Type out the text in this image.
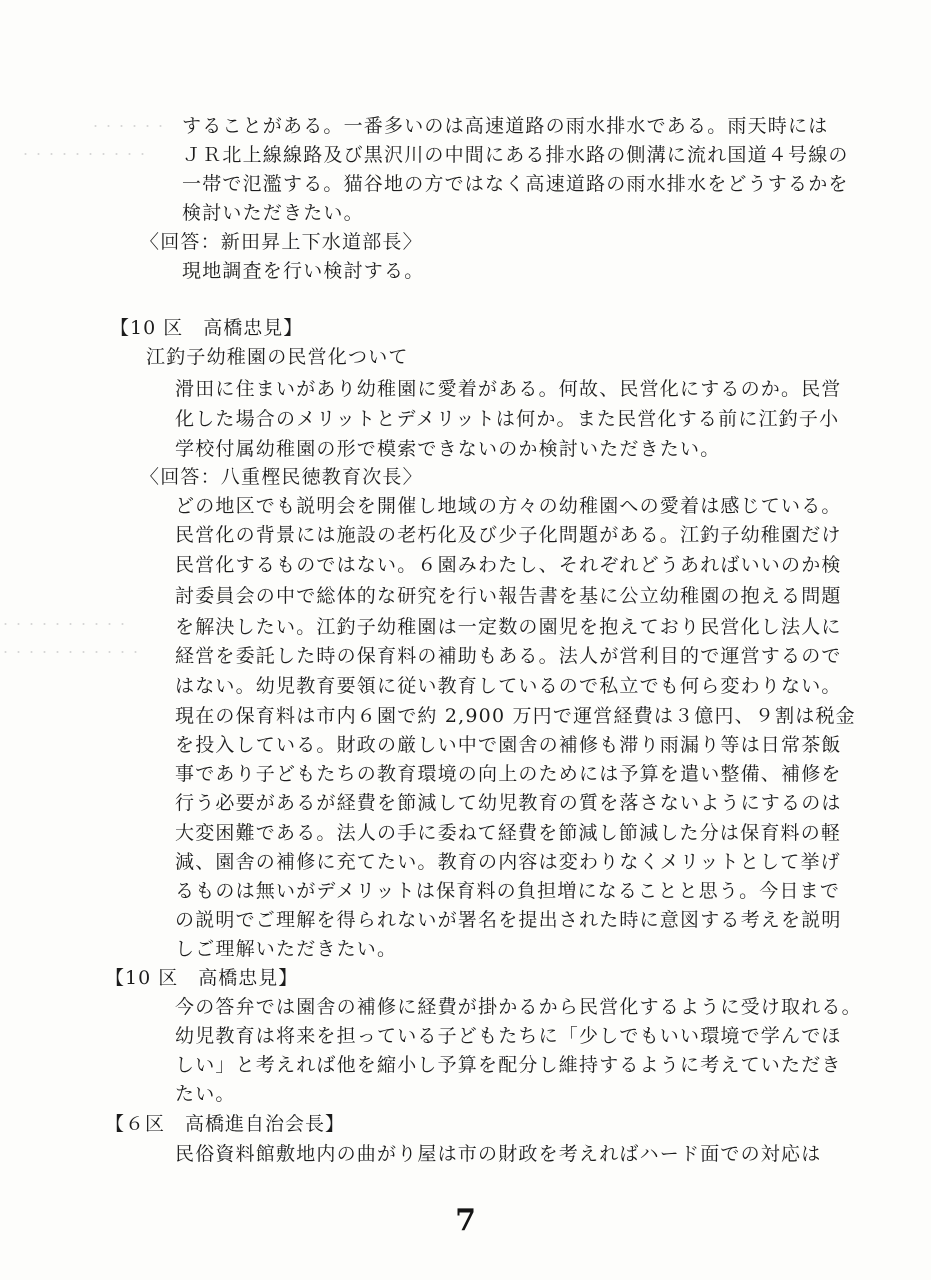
・・・・・・
・・・・・・・・・・
・・・・・・・・・・
・・・・・・・・・・・
することがある。一番多いのは高速道路の雨水排水である。雨天時には
ＪＲ北上線線路及び黒沢川の中間にある排水路の側溝に流れ国道４号線の
一帯で氾濫する。猫谷地の方ではなく高速道路の雨水排水をどうするかを
検討いただきたい。
〈回答：新田昇上下水道部長〉
現地調査を行い検討する。
【10 区　高橋忠見】
江釣子幼稚園の民営化ついて
滑田に住まいがあり幼稚園に愛着がある。何故、民営化にするのか。民営
化した場合のメリットとデメリットは何か。また民営化する前に江釣子小
学校付属幼稚園の形で模索できないのか検討いただきたい。
〈回答：八重樫民徳教育次長〉
どの地区でも説明会を開催し地域の方々の幼稚園への愛着は感じている。
民営化の背景には施設の老朽化及び少子化問題がある。江釣子幼稚園だけ
民営化するものではない。６園みわたし、それぞれどうあればいいのか検
討委員会の中で総体的な研究を行い報告書を基に公立幼稚園の抱える問題
を解決したい。江釣子幼稚園は一定数の園児を抱えており民営化し法人に
経営を委託した時の保育料の補助もある。法人が営利目的で運営するので
はない。幼児教育要領に従い教育しているので私立でも何ら変わりない。
現在の保育料は市内６園で約 2,900 万円で運営経費は３億円、９割は税金
を投入している。財政の厳しい中で園舎の補修も滞り雨漏り等は日常茶飯
事であり子どもたちの教育環境の向上のためには予算を遣い整備、補修を
行う必要があるが経費を節減して幼児教育の質を落さないようにするのは
大変困難である。法人の手に委ねて経費を節減し節減した分は保育料の軽
減、園舎の補修に充てたい。教育の内容は変わりなくメリットとして挙げ
るものは無いがデメリットは保育料の負担増になることと思う。今日まで
の説明でご理解を得られないが署名を提出された時に意図する考えを説明
しご理解いただきたい。
【10 区　高橋忠見】
今の答弁では園舎の補修に経費が掛かるから民営化するように受け取れる。
幼児教育は将来を担っている子どもたちに「少しでもいい環境で学んでほ
しい」と考えれば他を縮小し予算を配分し維持するように考えていただき
たい。
【６区　高橋進自治会長】
民俗資料館敷地内の曲がり屋は市の財政を考えればハード面での対応は
7
